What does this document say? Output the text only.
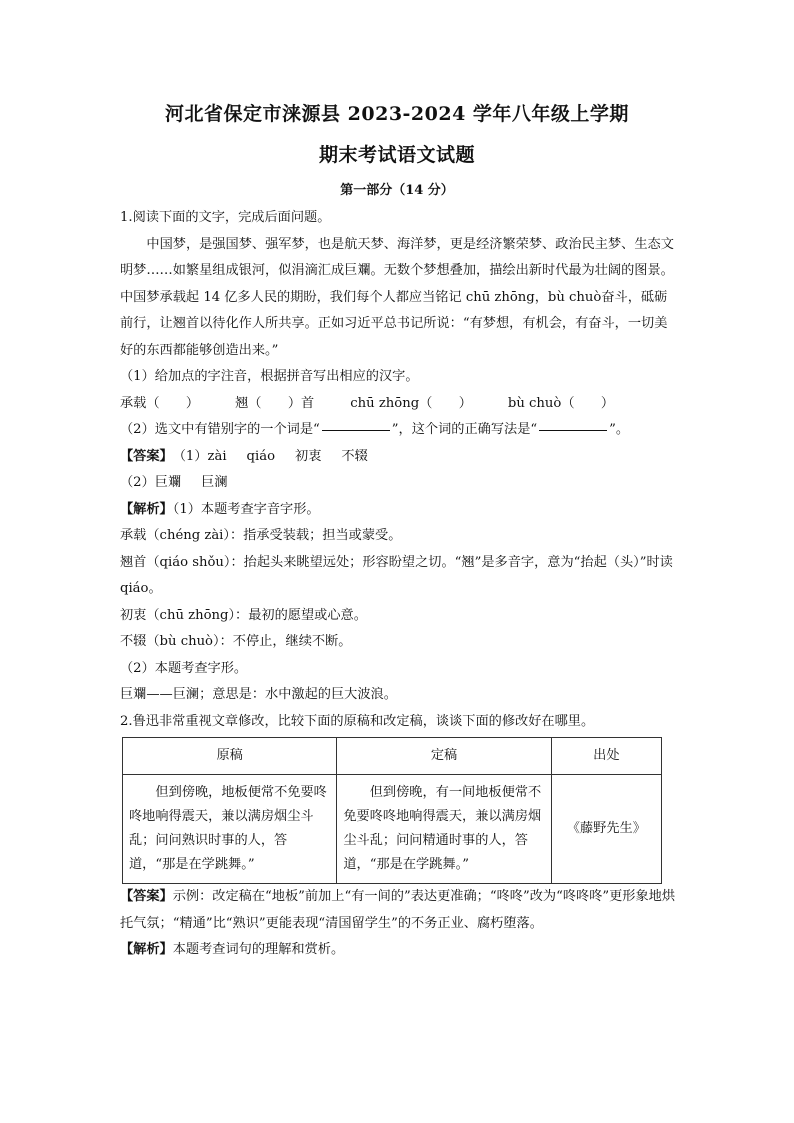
河北省保定市涞源县 2023-2024 学年八年级上学期
期末考试语文试题
第一部分（14 分）

1.阅读下面的文字，完成后面问题。

中国梦，是强国梦、强军梦，也是航天梦、海洋梦，更是经济繁荣梦、政治民主梦、生态文明梦……如繁星组成银河，似涓滴汇成巨斕。无数个梦想叠加，描绘出新时代最为壮阔的图景。中国梦承载起 14 亿多人民的期盼，我们每个人都应当铭记 chū zhōng，bù chuò奋斗，砥砺前行，让翘首以待化作人所共享。正如习近平总书记所说：“有梦想，有机会，有奋斗，一切美好的东西都能够创造出来。”

（1）给加点的字注音，根据拼音写出相应的汉字。

承载（　　）	翘（　　）首	chū zhōng（　　）	bù chuò（　　）

（2）选文中有错别字的一个词是“	”，这个词的正确写法是“	”。

【答案】 （1）zài qiáo 初衷 不辍

（2）巨斕 巨澜

【解析】（1）本题考查字音字形。

承载（chéng zài）：指承受装载；担当或蒙受。

翘首（qiáo shǒu）：抬起头来眺望远处；形容盼望之切。“翘”是多音字，意为“抬起（头）”时读 qiáo。

初衷（chū zhōng）：最初的愿望或心意。

不辍（bù chuò）：不停止，继续不断。

（2）本题考查字形。

巨斕——巨澜；意思是：水中激起的巨大波浪。

2.鲁迅非常重视文章修改，比较下面的原稿和改定稿，谈谈下面的修改好在哪里。

原稿	定稿	出处
但到傍晚，地板便常不免要咚咚地响得震天，兼以满房烟尘斗乱；问问熟识时事的人，答道，“那是在学跳舞。”	但到傍晚，有一间地板便常不免要咚咚地响得震天，兼以满房烟尘斗乱；问问精通时事的人，答道，“那是在学跳舞。”	《藤野先生》

【答案】示例：改定稿在“地板”前加上“有一间的”表达更准确；“咚咚”改为“咚咚咚”更形象地烘托气氛；“精通”比“熟识”更能表现“清国留学生”的不务正业、腐朽堕落。

【解析】本题考查词句的理解和赏析。
